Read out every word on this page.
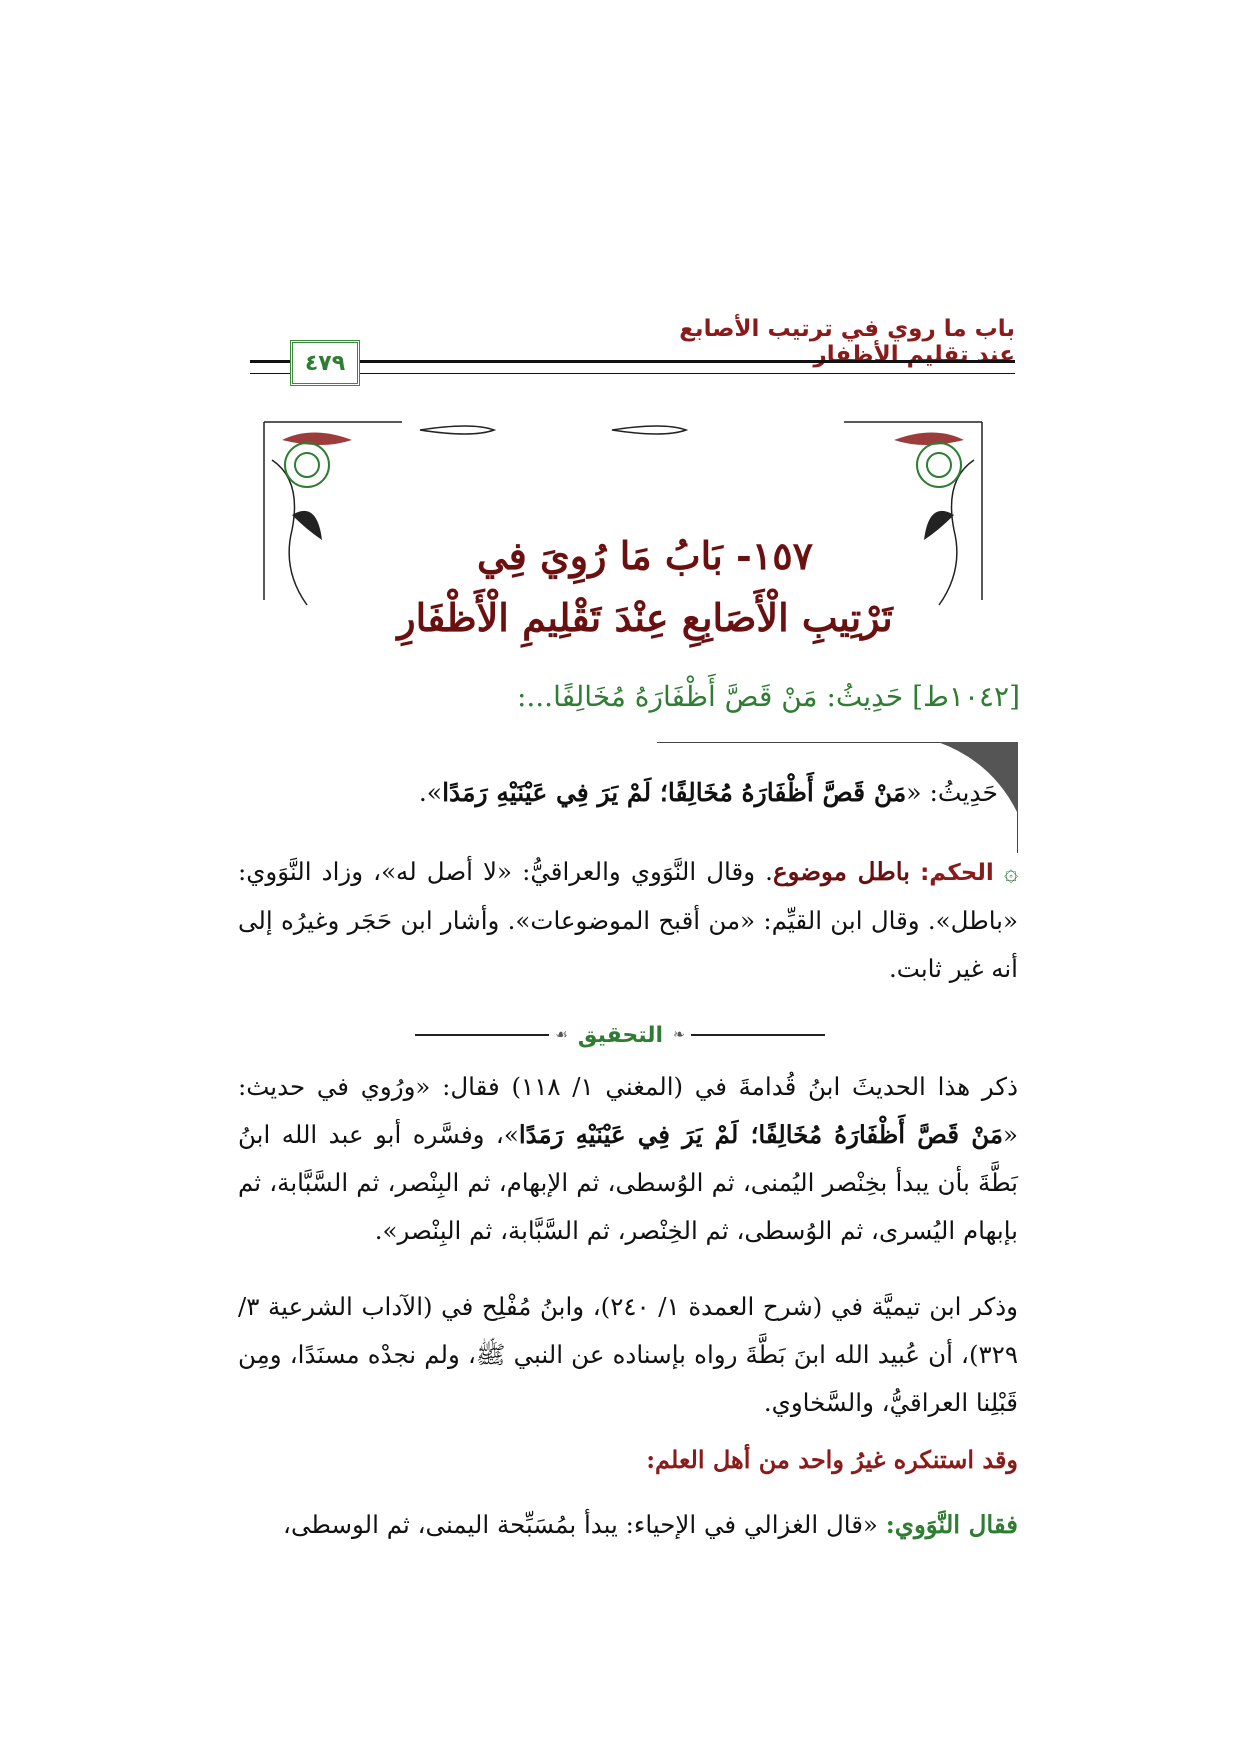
باب ما روي في ترتيب الأصابع عند تقليم الأظفار
٤٧٩
١٥٧- بَابُ مَا رُوِيَ فِي
تَرْتِيبِ الْأَصَابِعِ عِنْدَ تَقْلِيمِ الْأَظْفَارِ
[١٠٤٢ط] حَدِيثُ: مَنْ قَصَّ أَظْفَارَهُ مُخَالِفًا...:
حَدِيثُ: «مَنْ قَصَّ أَظْفَارَهُ مُخَالِفًا؛ لَمْ يَرَ فِي عَيْنَيْهِ رَمَدًا».
۞ الحكم: باطل موضوع. وقال النَّوَوي والعراقيُّ: «لا أصل له»، وزاد النَّوَوي: «باطل». وقال ابن القيِّم: «من أقبح الموضوعات». وأشار ابن حَجَر وغيرُه إلى أنه غير ثابت.
❧
التحقيق
☙
ذكر هذا الحديثَ ابنُ قُدامةَ في (المغني ١/ ١١٨) فقال: «ورُوي في حديث: «مَنْ قَصَّ أَظْفَارَهُ مُخَالِفًا؛ لَمْ يَرَ فِي عَيْنَيْهِ رَمَدًا»، وفسَّره أبو عبد الله ابنُ بَطَّةَ بأن يبدأ بخِنْصر اليُمنى، ثم الوُسطى، ثم الإبهام، ثم البِنْصر، ثم السَّبَّابة، ثم بإبهام اليُسرى، ثم الوُسطى، ثم الخِنْصر، ثم السَّبَّابة، ثم البِنْصر».
وذكر ابن تيميَّة في (شرح العمدة ١/ ٢٤٠)، وابنُ مُفْلِح في (الآداب الشرعية ٣/ ٣٢٩)، أن عُبيد الله ابنَ بَطَّةَ رواه بإسناده عن النبي ﷺ، ولم نجدْه مسنَدًا، ومِن قَبْلِنا العراقيُّ، والسَّخاوي.
وقد استنكره غيرُ واحد من أهل العلم:
فقال النَّوَوي: «قال الغزالي في الإحياء: يبدأ بمُسَبِّحة اليمنى، ثم الوسطى،
